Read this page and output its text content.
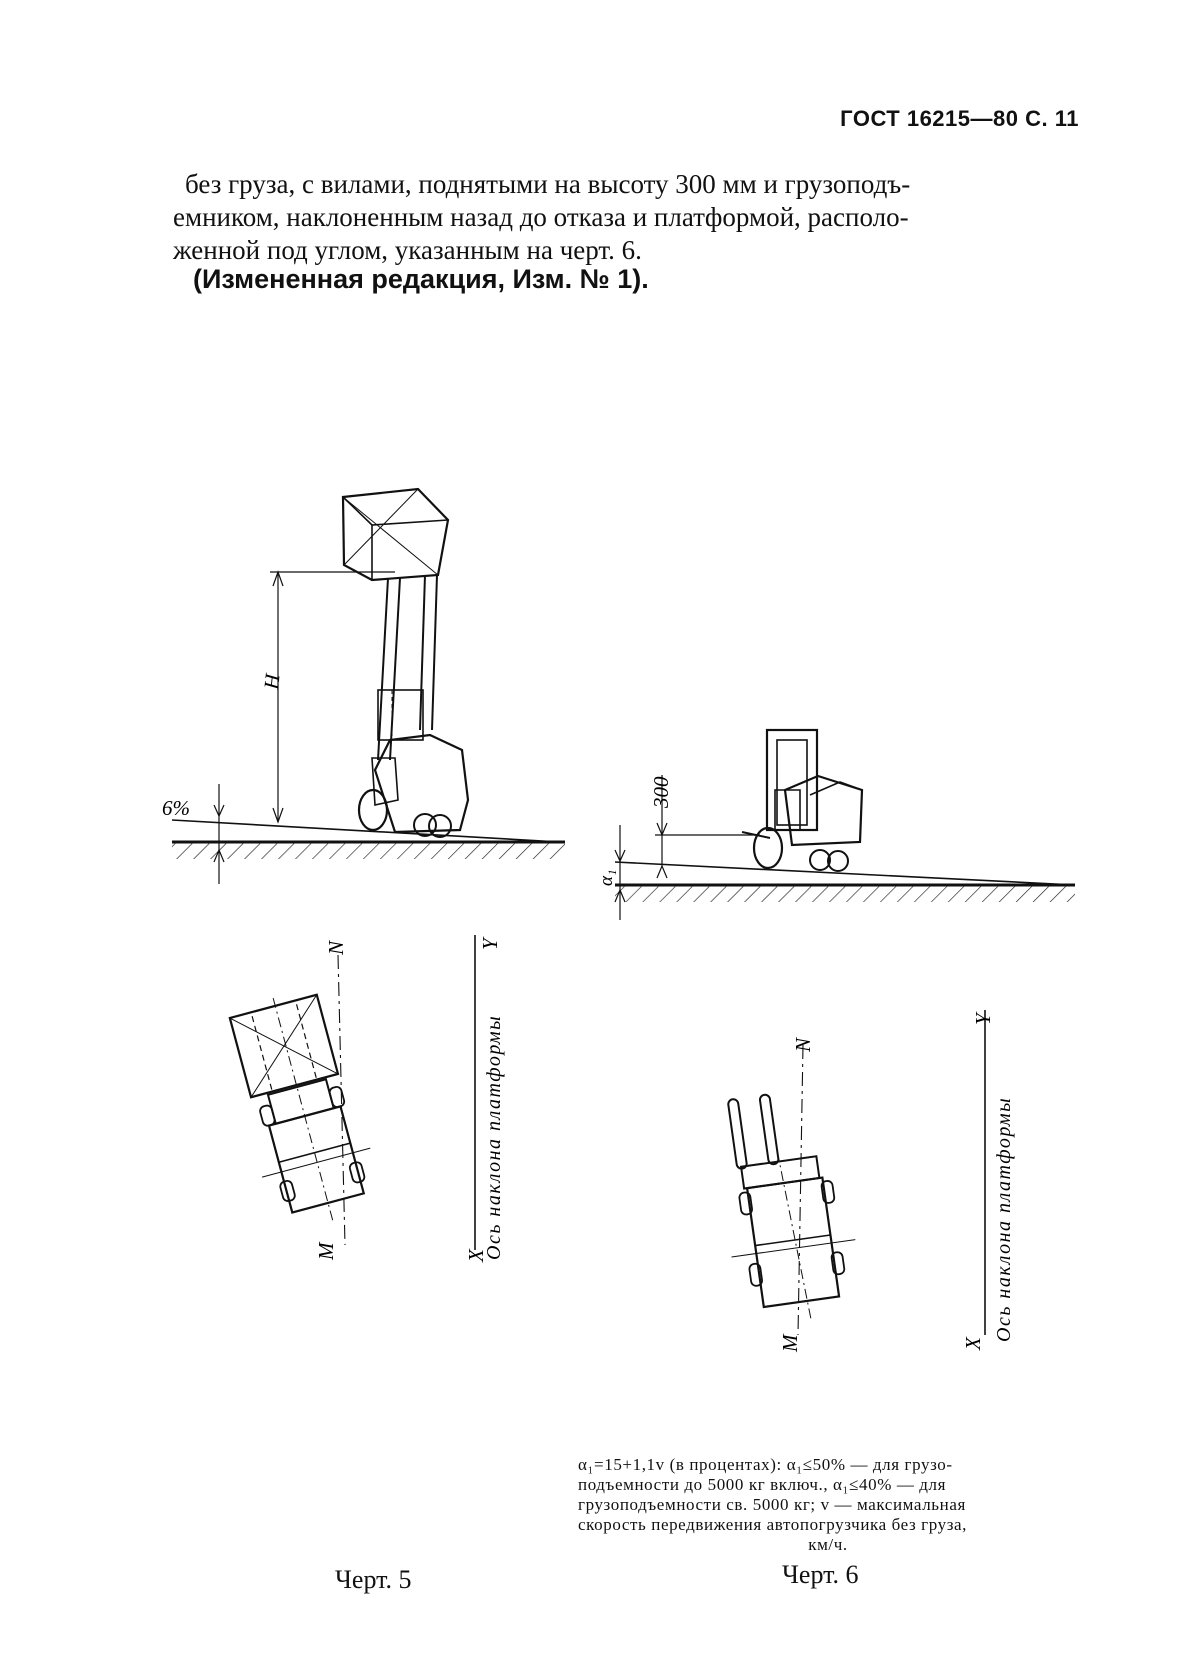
ГОСТ 16215—80 С. 11

без груза, с вилами, поднятыми на высоту 300 мм и грузоподъ-

емником, наклоненным назад до отказа и платформой, располо-

женной под углом, указанным на черт. 6.

(Измененная редакция, Изм. № 1).
H
6%
N
M
Y
X
Ось наклона платформы
300
α₁
N
M
Y
X
Ось наклона платформы
α₁=15+1,1v (в процентах): α₁≤50% — для грузо-
подъемности до 5000 кг включ., α₁≤40% — для
грузоподъемности св. 5000 кг; v — максимальная
скорость передвижения автопогрузчика без груза,
км/ч.
Черт. 5	Черт. 6
